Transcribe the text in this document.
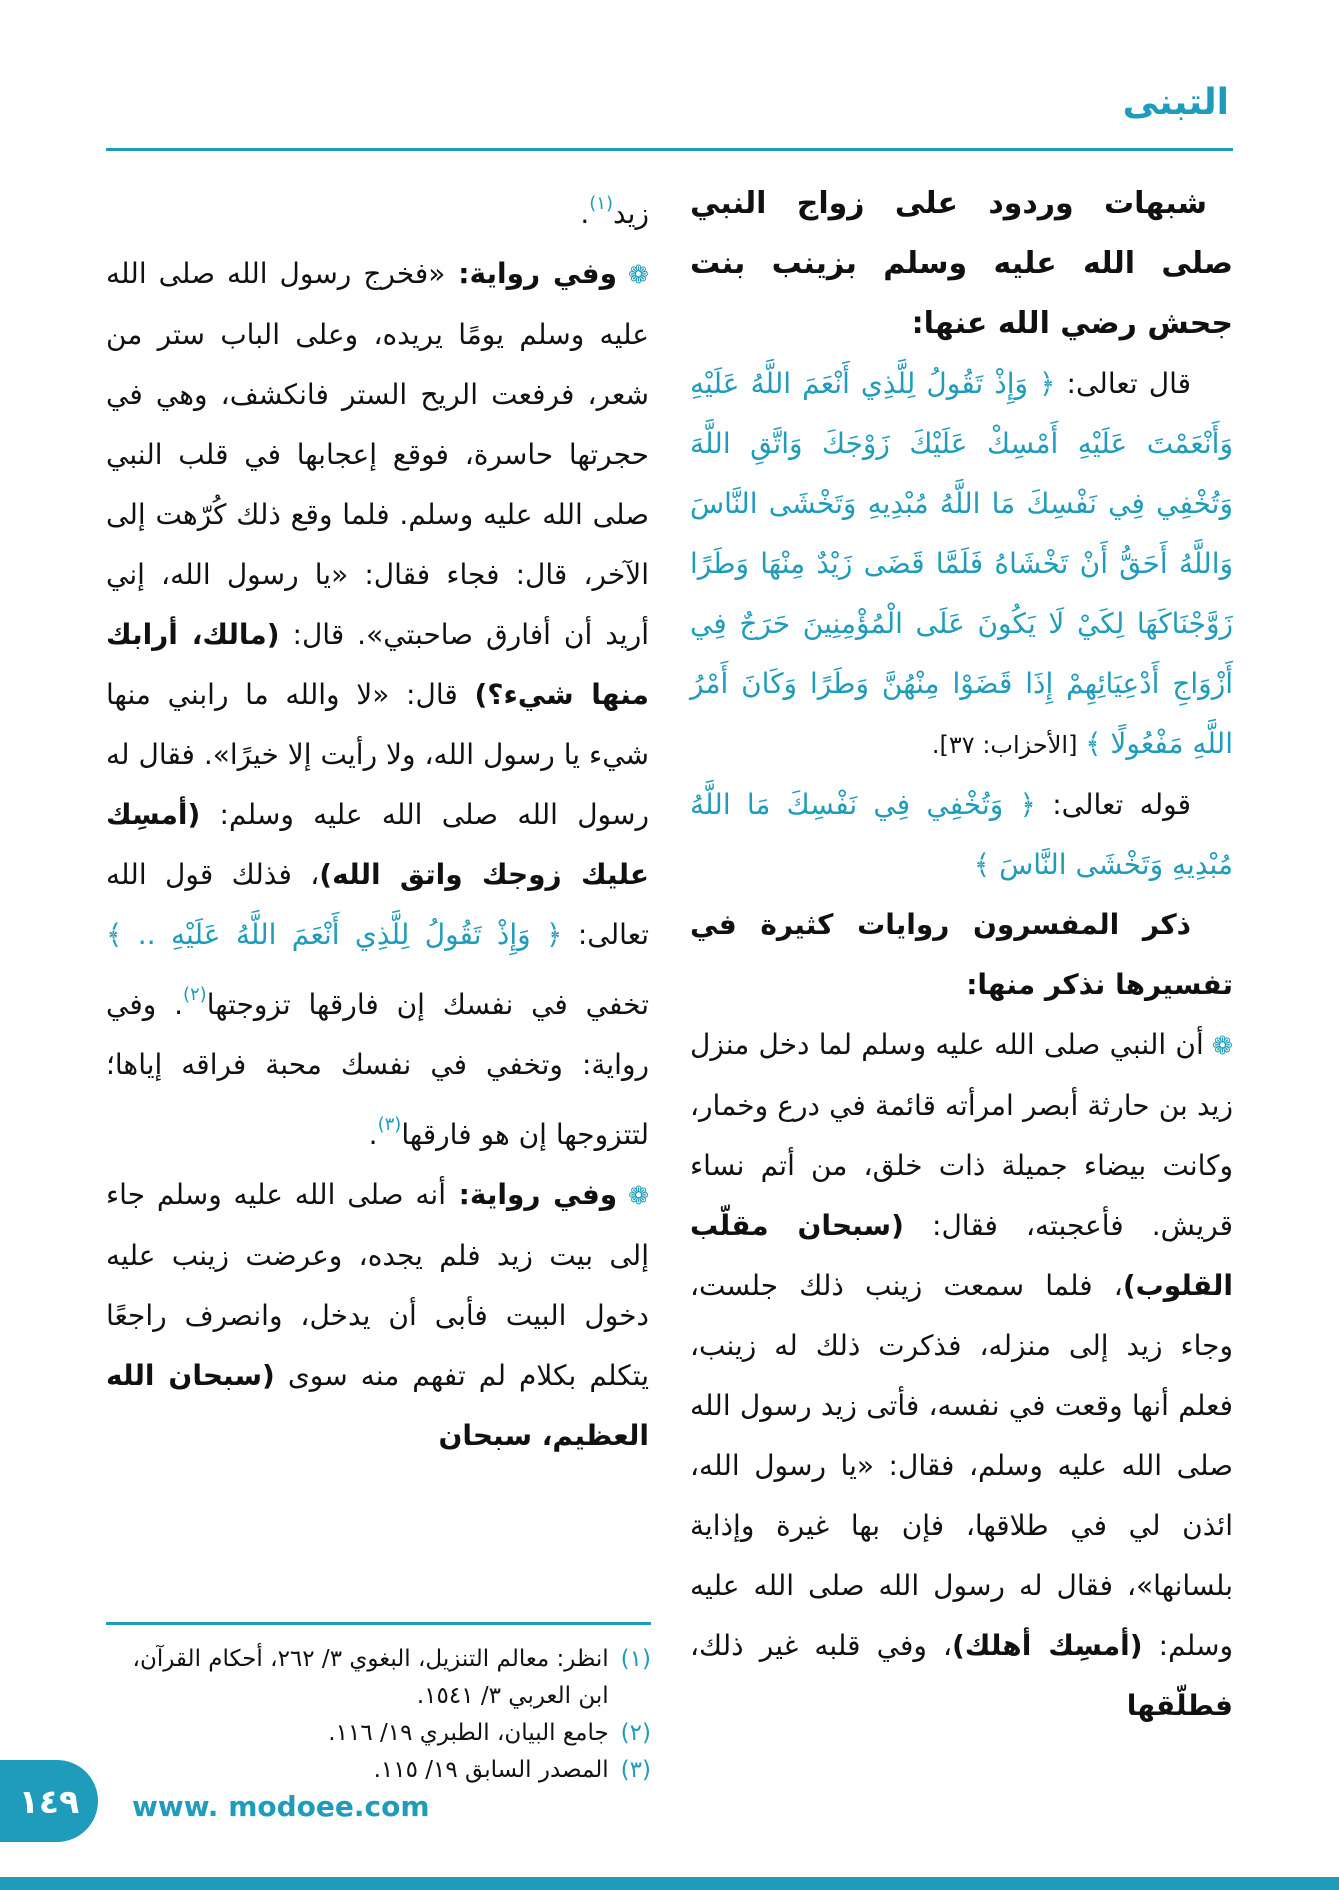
التبنى

شبهات وردود على زواج النبي صلى الله عليه وسلم بزينب بنت جحش رضي الله عنها:

قال تعالى: ﴿ وَإِذْ تَقُولُ لِلَّذِي أَنْعَمَ اللَّهُ عَلَيْهِ وَأَنْعَمْتَ عَلَيْهِ أَمْسِكْ عَلَيْكَ زَوْجَكَ وَاتَّقِ اللَّهَ وَتُخْفِي فِي نَفْسِكَ مَا اللَّهُ مُبْدِيهِ وَتَخْشَى النَّاسَ وَاللَّهُ أَحَقُّ أَنْ تَخْشَاهُ فَلَمَّا قَضَى زَيْدٌ مِنْهَا وَطَرًا زَوَّجْنَاكَهَا لِكَيْ لَا يَكُونَ عَلَى الْمُؤْمِنِينَ حَرَجٌ فِي أَزْوَاجِ أَدْعِيَائِهِمْ إِذَا قَضَوْا مِنْهُنَّ وَطَرًا وَكَانَ أَمْرُ اللَّهِ مَفْعُولًا ﴾ [الأحزاب: ٣٧].

قوله تعالى: ﴿ وَتُخْفِي فِي نَفْسِكَ مَا اللَّهُ مُبْدِيهِ وَتَخْشَى النَّاسَ ﴾

ذكر المفسرون روايات كثيرة في تفسيرها نذكر منها:

❁ أن النبي صلى الله عليه وسلم لما دخل منزل زيد بن حارثة أبصر امرأته قائمة في درع وخمار، وكانت بيضاء جميلة ذات خلق، من أتم نساء قريش. فأعجبته، فقال: (سبحان مقلّب القلوب)، فلما سمعت زينب ذلك جلست، وجاء زيد إلى منزله، فذكرت ذلك له زينب، فعلم أنها وقعت في نفسه، فأتى زيد رسول الله صلى الله عليه وسلم، فقال: «يا رسول الله، ائذن لي في طلاقها، فإن بها غيرة وإذاية بلسانها»، فقال له رسول الله صلى الله عليه وسلم: (أمسِك أهلك)، وفي قلبه غير ذلك، فطلّقها

زيد$^{(١)}$.

❁ وفي رواية: «فخرج رسول الله صلى الله عليه وسلم يومًا يريده، وعلى الباب ستر من شعر، فرفعت الريح الستر فانكشف، وهي في حجرتها حاسرة، فوقع إعجابها في قلب النبي صلى الله عليه وسلم. فلما وقع ذلك كُرّهت إلى الآخر، قال: فجاء فقال: «يا رسول الله، إني أريد أن أفارق صاحبتي». قال: (مالك، أرابك منها شيء؟) قال: «لا والله ما رابني منها شيء يا رسول الله، ولا رأيت إلا خيرًا». فقال له رسول الله صلى الله عليه وسلم: (أمسِك عليك زوجك واتق الله)، فذلك قول الله تعالى: ﴿ وَإِذْ تَقُولُ لِلَّذِي أَنْعَمَ اللَّهُ عَلَيْهِ .. ﴾ تخفي في نفسك إن فارقها تزوجتها$^{(٢)}$. وفي رواية: وتخفي في نفسك محبة فراقه إياها؛ لتتزوجها إن هو فارقها$^{(٣)}$.

❁ وفي رواية: أنه صلى الله عليه وسلم جاء إلى بيت زيد فلم يجده، وعرضت زينب عليه دخول البيت فأبى أن يدخل، وانصرف راجعًا يتكلم بكلام لم تفهم منه سوى (سبحان الله العظيم، سبحان

(١)
انظر: معالم التنزيل، البغوي ٣/ ٢٦٢، أحكام القرآن، ابن العربي ٣/ ١٥٤١.
(٢)
جامع البيان، الطبري ١٩/ ١١٦.
(٣)
المصدر السابق ١٩/ ١١٥.
١٤٩ www. modoee.com
